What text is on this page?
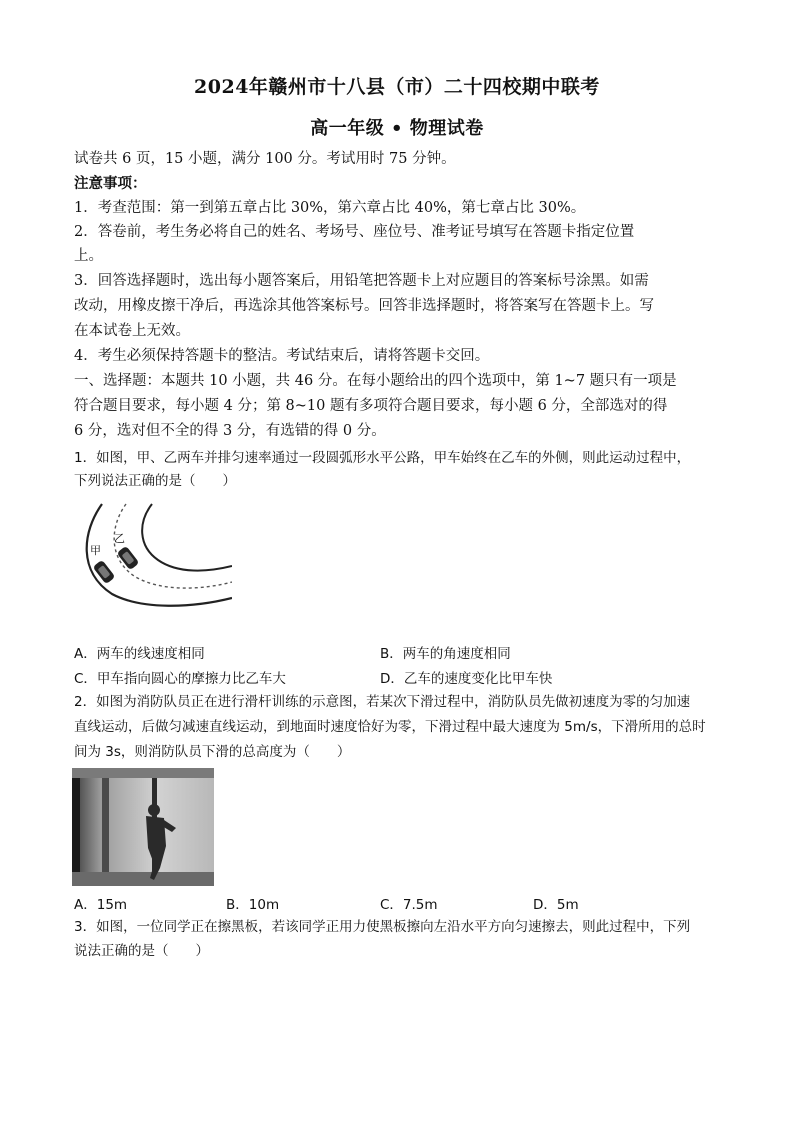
2024年赣州市十八县（市）二十四校期中联考
高一年级 • 物理试卷
试卷共 6 页，15 小题，满分 100 分。考试用时 75 分钟。
注意事项：
1．考查范围：第一到第五章占比 30%，第六章占比 40%，第七章占比 30%。
2．答卷前，考生务必将自己的姓名、考场号、座位号、准考证号填写在答题卡指定位置
上。
3．回答选择题时，选出每小题答案后，用铅笔把答题卡上对应题目的答案标号涂黑。如需
改动，用橡皮擦干净后，再选涂其他答案标号。回答非选择题时，将答案写在答题卡上。写
在本试卷上无效。
4．考生必须保持答题卡的整洁。考试结束后，请将答题卡交回。
一、选择题：本题共 10 小题，共 46 分。在每小题给出的四个选项中，第 1~7 题只有一项是
符合题目要求，每小题 4 分；第 8~10 题有多项符合题目要求，每小题 6 分，全部选对的得
6 分，选对但不全的得 3 分，有选错的得 0 分。
1．如图，甲、乙两车并排匀速率通过一段圆弧形水平公路，甲车始终在乙车的外侧，则此运动过程中，
下列说法正确的是（　　）
甲
乙
A．两车的线速度相同	B．两车的角速度相同
C．甲车指向圆心的摩擦力比乙车大	D．乙车的速度变化比甲车快
2．如图为消防队员正在进行滑杆训练的示意图，若某次下滑过程中，消防队员先做初速度为零的匀加速
直线运动，后做匀减速直线运动，到地面时速度恰好为零，下滑过程中最大速度为 5m/s，下滑所用的总时
间为 3s，则消防队员下滑的总高度为（　　）
A．15m	B．10m	C．7.5m	D．5m
3．如图，一位同学正在擦黑板，若该同学正用力使黑板擦向左沿水平方向匀速擦去，则此过程中，下列
说法正确的是（　　）
